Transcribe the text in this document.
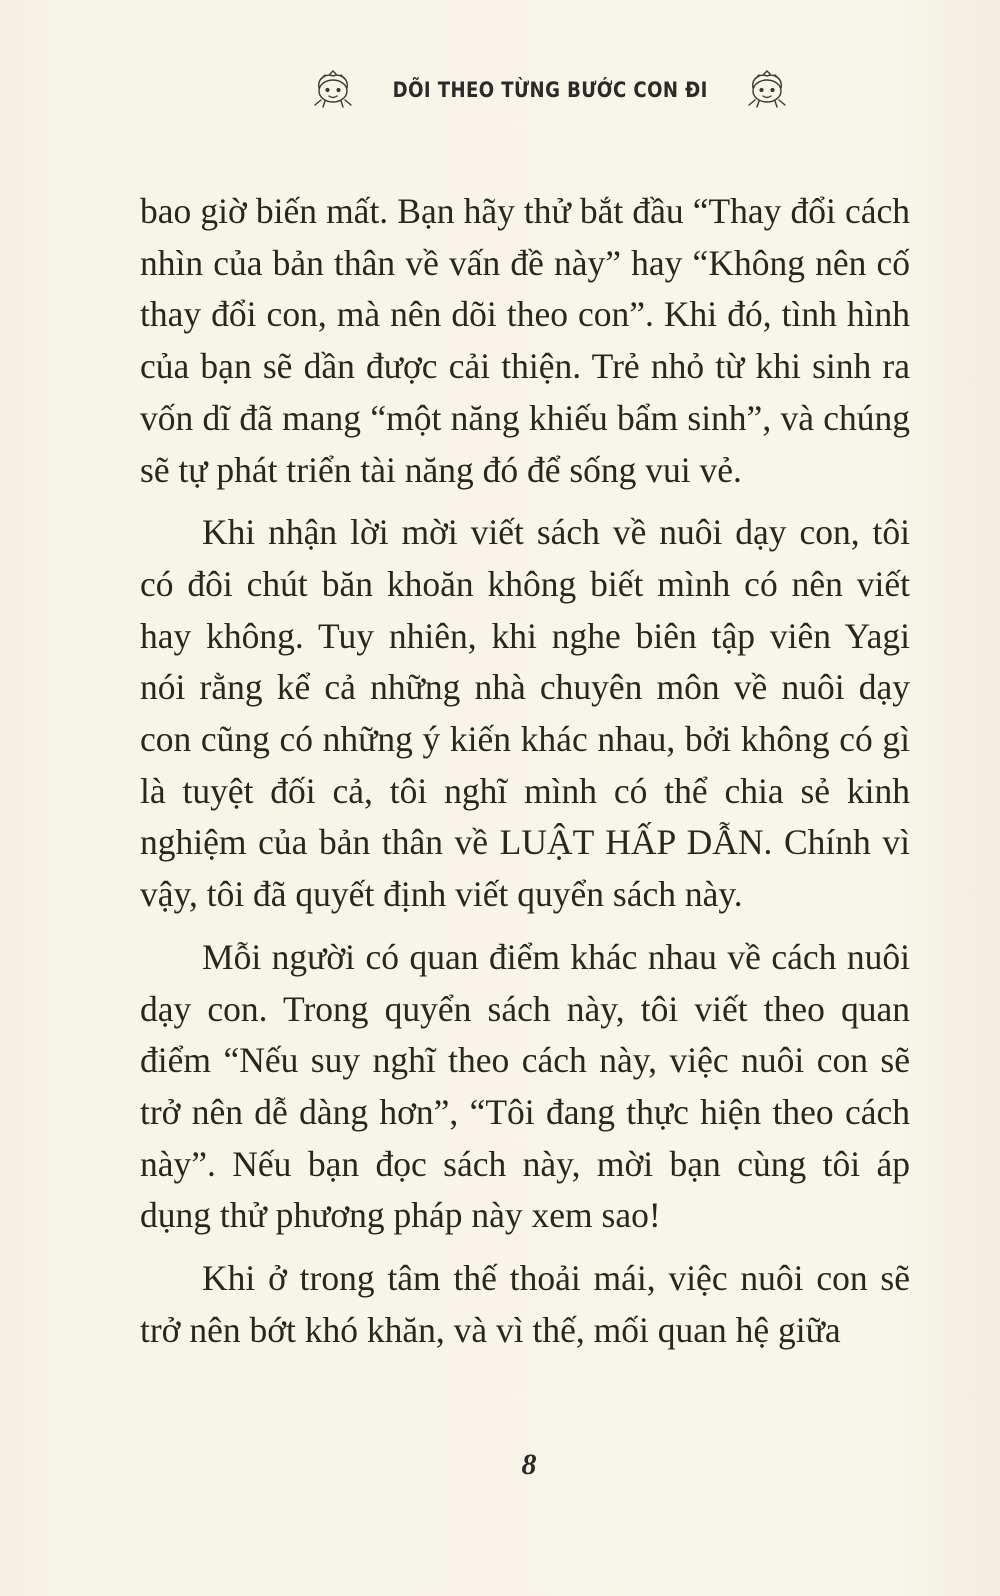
DÕI THEO TỪNG BƯỚC CON ĐI

bao giờ biến mất. Bạn hãy thử bắt đầu “Thay đổi cách nhìn của bản thân về vấn đề này” hay “Không nên cố thay đổi con, mà nên dõi theo con”. Khi đó, tình hình của bạn sẽ dần được cải thiện. Trẻ nhỏ từ khi sinh ra vốn dĩ đã mang “một năng khiếu bẩm sinh”, và chúng sẽ tự phát triển tài năng đó để sống vui vẻ.

Khi nhận lời mời viết sách về nuôi dạy con, tôi có đôi chút băn khoăn không biết mình có nên viết hay không. Tuy nhiên, khi nghe biên tập viên Yagi nói rằng kể cả những nhà chuyên môn về nuôi dạy con cũng có những ý kiến khác nhau, bởi không có gì là tuyệt đối cả, tôi nghĩ mình có thể chia sẻ kinh nghiệm của bản thân về LUẬT HẤP DẪN. Chính vì vậy, tôi đã quyết định viết quyển sách này.

Mỗi người có quan điểm khác nhau về cách nuôi dạy con. Trong quyển sách này, tôi viết theo quan điểm “Nếu suy nghĩ theo cách này, việc nuôi con sẽ trở nên dễ dàng hơn”, “Tôi đang thực hiện theo cách này”. Nếu bạn đọc sách này, mời bạn cùng tôi áp dụng thử phương pháp này xem sao!

Khi ở trong tâm thế thoải mái, việc nuôi con sẽ trở nên bớt khó khăn, và vì thế, mối quan hệ giữa

8
